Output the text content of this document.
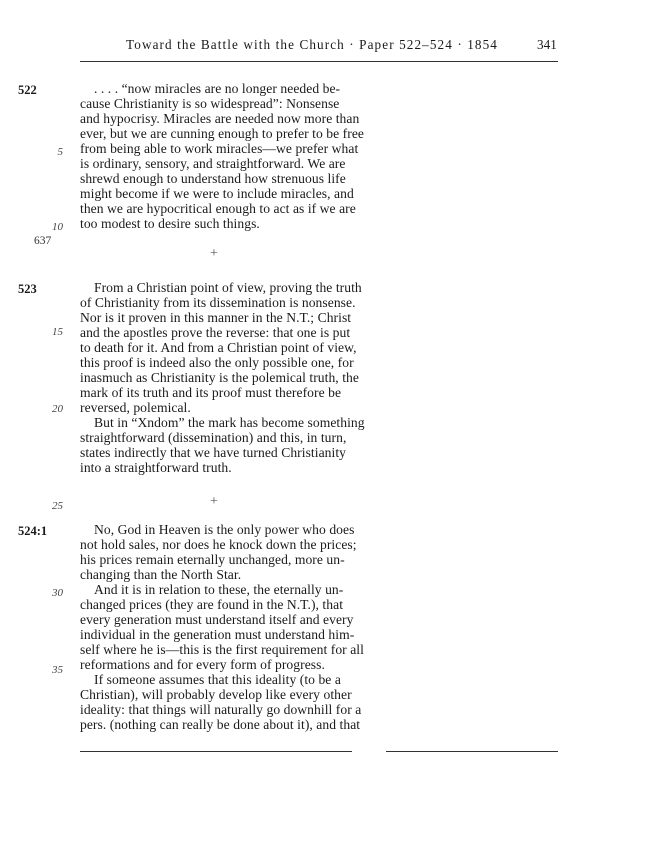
Toward the Battle with the Church · Paper 522–524 · 1854	341
522
637
523
524:1
5
10
15
20
25
30
35
+
+
. . . . “now miracles are no longer needed be-
cause Christianity is so widespread”: Nonsense
and hypocrisy. Miracles are needed now more than
ever, but we are cunning enough to prefer to be free
from being able to work miracles—we prefer what
is ordinary, sensory, and straightforward. We are
shrewd enough to understand how strenuous life
might become if we were to include miracles, and
then we are hypocritical enough to act as if we are
too modest to desire such things.
From a Christian point of view, proving the truth
of Christianity from its dissemination is nonsense.
Nor is it proven in this manner in the N.T.; Christ
and the apostles prove the reverse: that one is put
to death for it. And from a Christian point of view,
this proof is indeed also the only possible one, for
inasmuch as Christianity is the polemical truth, the
mark of its truth and its proof must therefore be
reversed, polemical.
But in “Xndom” the mark has become something
straightforward (dissemination) and this, in turn,
states indirectly that we have turned Christianity
into a straightforward truth.
No, God in Heaven is the only power who does
not hold sales, nor does he knock down the prices;
his prices remain eternally unchanged, more un-
changing than the North Star.
And it is in relation to these, the eternally un-
changed prices (they are found in the N.T.), that
every generation must understand itself and every
individual in the generation must understand him-
self where he is—this is the first requirement for all
reformations and for every form of progress.
If someone assumes that this ideality (to be a
Christian), will probably develop like every other
ideality: that things will naturally go downhill for a
pers. (nothing can really be done about it), and that
